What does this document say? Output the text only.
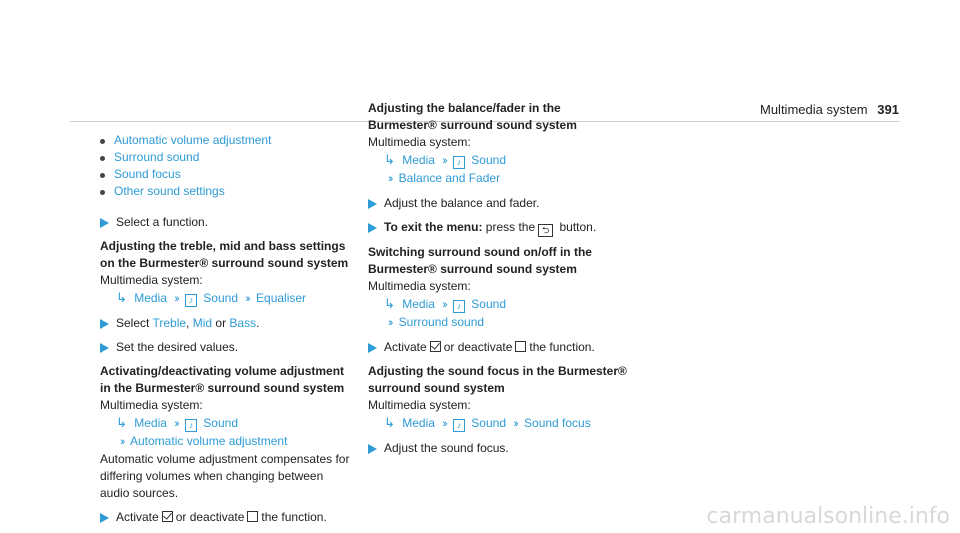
Multimedia system 391
Automatic volume adjustment
Surround sound
Sound focus
Other sound settings
Select a function.

Adjusting the treble, mid and bass settings on the Burmester® surround sound system

Multimedia system:

↳ Media ›› ♪ Sound ›› Equaliser
Select Treble, Mid or Bass.
Set the desired values.

Activating/deactivating volume adjustment in the Burmester® surround sound system

Multimedia system:

↳ Media ›› ♪ Sound
›› Automatic volume adjustment

Automatic volume adjustment compensates for differing volumes when changing between audio sources.

Activate or deactivate the function.

Adjusting the balance/fader in the Burmester® surround sound system

Multimedia system:

↳ Media ›› ♪ Sound
›› Balance and Fader
Adjust the balance and fader.
To exit the menu: press the ⮌ button.

Switching surround sound on/off in the Burmester® surround sound system

Multimedia system:

↳ Media ›› ♪ Sound
›› Surround sound
Activate or deactivate the function.

Adjusting the sound focus in the Burmester® surround sound system

Multimedia system:

↳ Media ›› ♪ Sound ›› Sound focus
Adjust the sound focus.
carmanualsonline.info
